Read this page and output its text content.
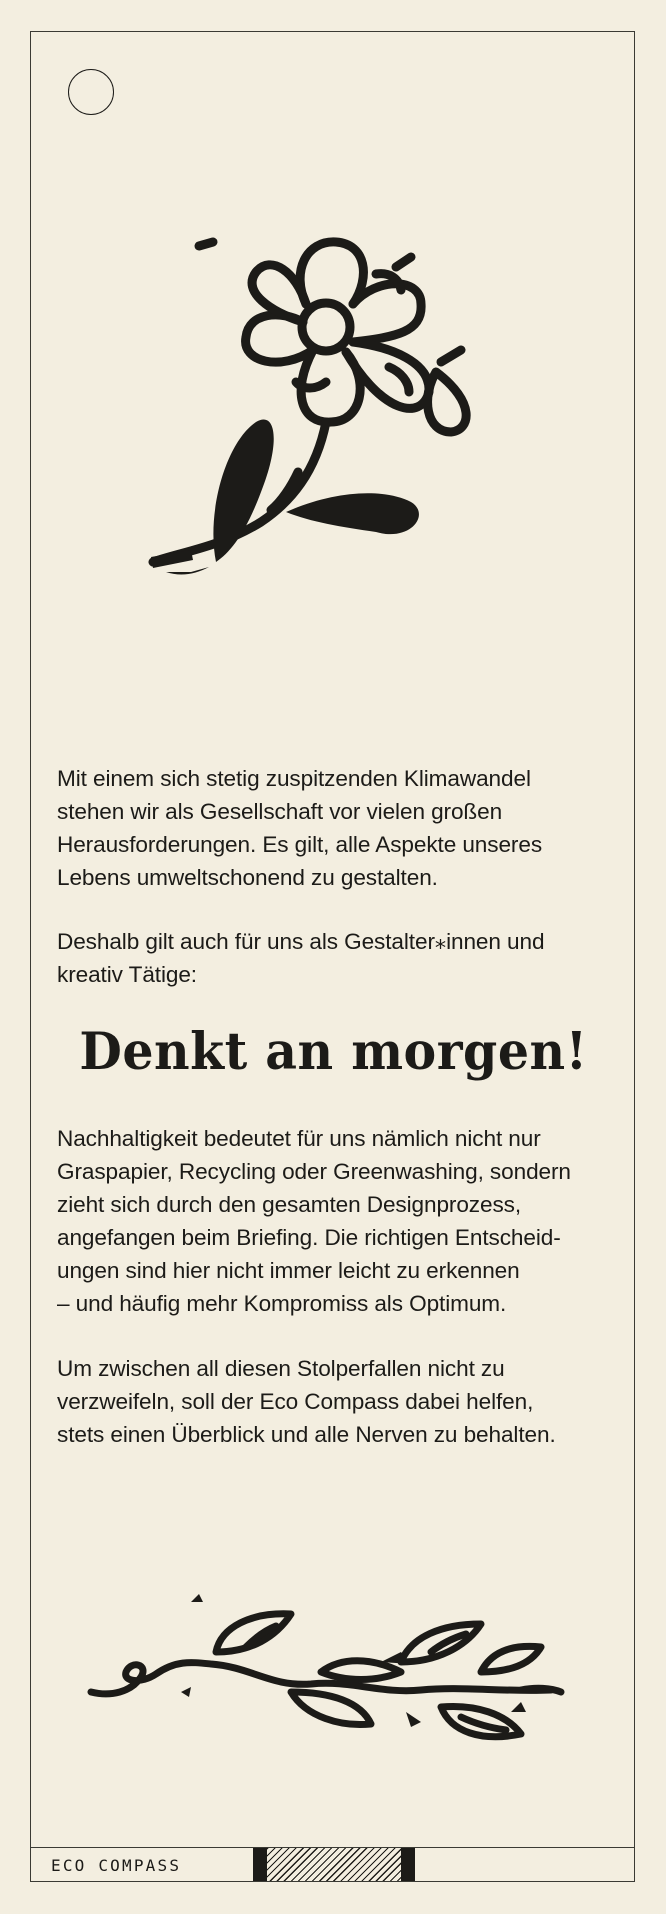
Mit einem sich stetig zuspitzenden Klimawandel
stehen wir als Gesellschaft vor vielen großen
Herausforderungen. Es gilt, alle Aspekte unseres
Lebens umweltschonend zu gestalten.

Deshalb gilt auch für uns als Gestalter⁎innen und
kreativ Tätige:

Denkt an morgen!

Nachhaltigkeit bedeutet für uns nämlich nicht nur
Graspapier, Recycling oder Greenwashing, sondern
zieht sich durch den gesamten Designprozess,
angefangen beim Briefing. Die richtigen Entscheid-
ungen sind hier nicht immer leicht zu erkennen
– und häufig mehr Kompromiss als Optimum.

Um zwischen all diesen Stolperfallen nicht zu
verzweifeln, soll der Eco Compass dabei helfen,
stets einen Überblick und alle Nerven zu behalten.

ECO COMPASS
